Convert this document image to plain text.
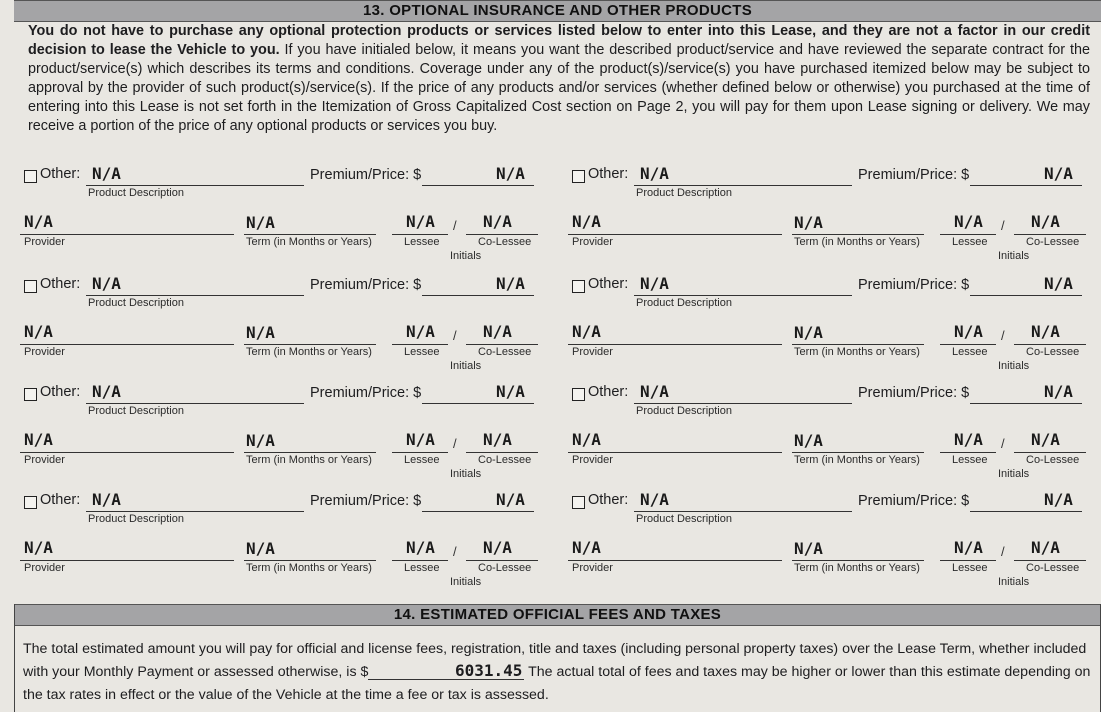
13. OPTIONAL INSURANCE AND OTHER PRODUCTS
You do not have to purchase any optional protection products or services listed below to enter into this Lease, and they are not a factor in our credit decision to lease the Vehicle to you. If you have initialed below, it means you want the described product/service and have reviewed the separate contract for the product/service(s) which describes its terms and conditions. Coverage under any of the product(s)/service(s) you have purchased itemized below may be subject to approval by the provider of such product(s)/service(s). If the price of any products and/or services (whether defined below or otherwise) you purchased at the time of entering into this Lease is not set forth in the Itemization of Gross Capitalized Cost section on Page 2, you will pay for them upon Lease signing or delivery. We may receive a portion of the price of any optional products or services you buy.
Other: N/A
Product Description
Premium/Price: $	N/A
N/A
Provider
N/A
Term (in Months or Years)
N/A
Lessee
/ N/A
Co-Lessee
Initials
Other: N/A
Product Description
Premium/Price: $	N/A
N/A
Provider
N/A
Term (in Months or Years)
N/A
Lessee
/ N/A
Co-Lessee
Initials
Other: N/A
Product Description
Premium/Price: $	N/A
N/A
Provider
N/A
Term (in Months or Years)
N/A
Lessee
/ N/A
Co-Lessee
Initials
Other: N/A
Product Description
Premium/Price: $	N/A
N/A
Provider
N/A
Term (in Months or Years)
N/A
Lessee
/ N/A
Co-Lessee
Initials
Other: N/A
Product Description
Premium/Price: $	N/A
N/A
Provider
N/A
Term (in Months or Years)
N/A
Lessee
/ N/A
Co-Lessee
Initials
Other: N/A
Product Description
Premium/Price: $	N/A
N/A
Provider
N/A
Term (in Months or Years)
N/A
Lessee
/ N/A
Co-Lessee
Initials
Other: N/A
Product Description
Premium/Price: $	N/A
N/A
Provider
N/A
Term (in Months or Years)
N/A
Lessee
/ N/A
Co-Lessee
Initials
Other: N/A
Product Description
Premium/Price: $	N/A
N/A
Provider
N/A
Term (in Months or Years)
N/A
Lessee
/ N/A
Co-Lessee
Initials
14. ESTIMATED OFFICIAL FEES AND TAXES
The total estimated amount you will pay for official and license fees, registration, title and taxes (including personal property taxes) over the Lease Term, whether included with your Monthly Payment or assessed otherwise, is $	6031.45 The actual total of fees and taxes may be higher or lower than this estimate depending on the tax rates in effect or the value of the Vehicle at the time a fee or tax is assessed.
